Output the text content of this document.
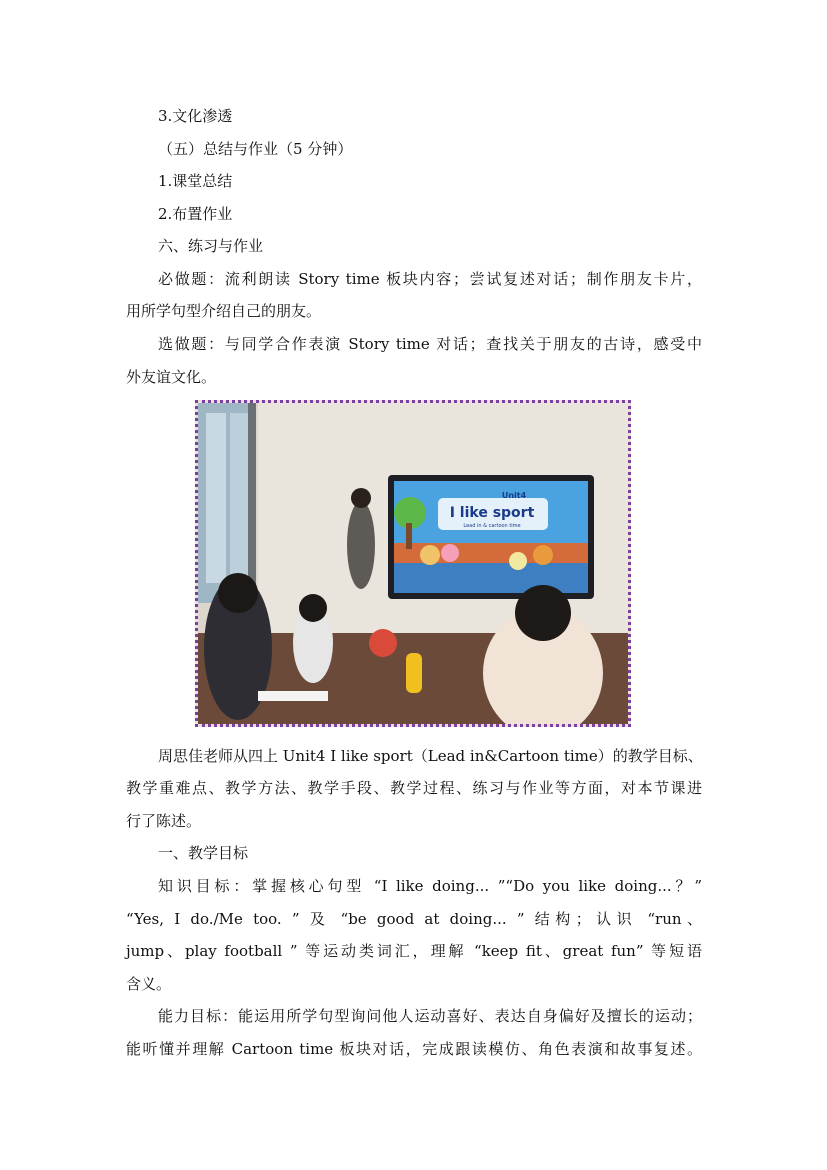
3.文化渗透
（五）总结与作业（5 分钟）
1.课堂总结
2.布置作业
六、练习与作业
必做题：流利朗读 Story time 板块内容；尝试复述对话；制作朋友卡片，
用所学句型介绍自己的朋友。
选做题：与同学合作表演 Story time 对话；查找关于朋友的古诗，感受中
外友谊文化。
Unit4
I like sport
Lead in & cartoon time
周思佳老师从四上 Unit4 I like sport（Lead in&Cartoon time）的教学目标、
教学重难点、教学方法、教学手段、教学过程、练习与作业等方面，对本节课进
行了陈述。
一、教学目标
知识目标：掌握核心句型 “I like doing... ”“Do you like doing...？”
“Yes, I do./Me too. ” 及 “be good at doing... ” 结构；认识 “run、
jump、play football ” 等运动类词汇，理解 “keep fit、great fun” 等短语
含义。
能力目标：能运用所学句型询问他人运动喜好、表达自身偏好及擅长的运动；
能听懂并理解 Cartoon time 板块对话，完成跟读模仿、角色表演和故事复述。
